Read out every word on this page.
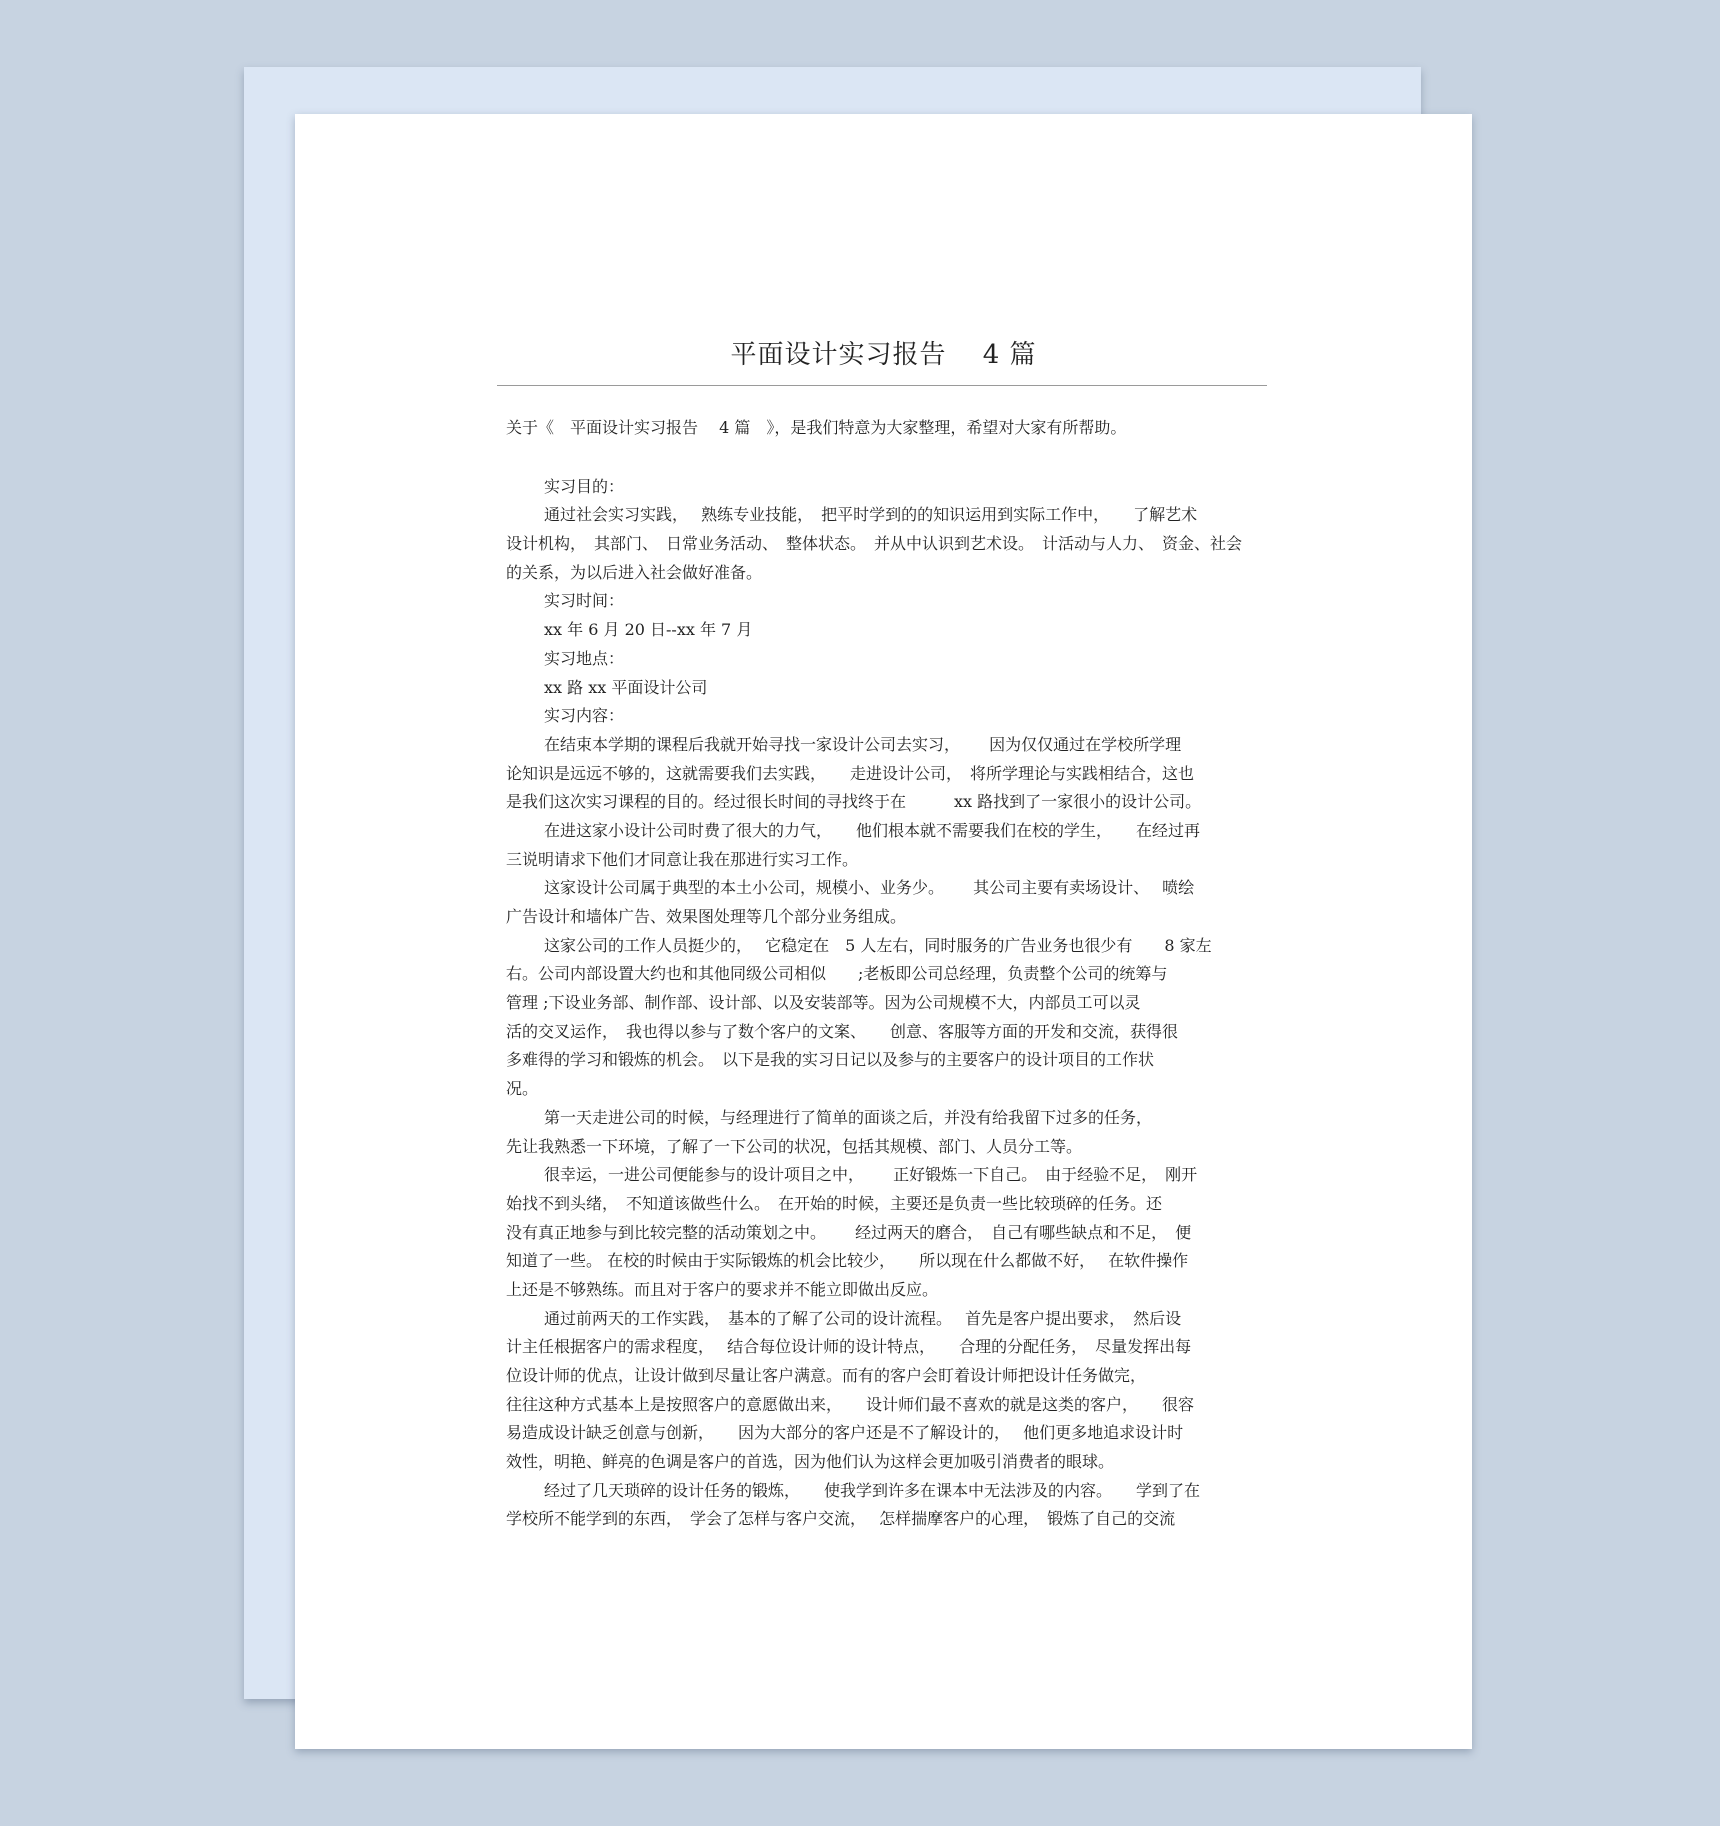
平面设计实习报告　 4 篇
关于《　平面设计实习报告　 4 篇　》，是我们特意为大家整理，希望对大家有所帮助。
实习目的：
通过社会实习实践，　 熟练专业技能，　把平时学到的的知识运用到实际工作中，　　了解艺术
设计机构，　其部门、　日常业务活动、　整体状态。　并从中认识到艺术设。　计活动与人力、　资金、社会
的关系，为以后进入社会做好准备。
实习时间：
xx 年 6 月 20 日--xx 年 7 月
实习地点：
xx 路 xx 平面设计公司
实习内容：
在结束本学期的课程后我就开始寻找一家设计公司去实习，　　 因为仅仅通过在学校所学理
论知识是远远不够的，这就需要我们去实践，　　走进设计公司，　将所学理论与实践相结合，这也
是我们这次实习课程的目的。经过很长时间的寻找终于在　　　xx 路找到了一家很小的设计公司。
在进这家小设计公司时费了很大的力气，　　他们根本就不需要我们在校的学生，　　在经过再
三说明请求下他们才同意让我在那进行实习工作。
这家设计公司属于典型的本土小公司，规模小、业务少。　　 其公司主要有卖场设计、　 喷绘
广告设计和墙体广告、效果图处理等几个部分业务组成。
这家公司的工作人员挺少的，　 它稳定在　5 人左右，同时服务的广告业务也很少有　　8 家左
右。公司内部设置大约也和其他同级公司相似　　;老板即公司总经理，负责整个公司的统筹与
管理 ;下设业务部、制作部、设计部、以及安装部等。因为公司规模不大，内部员工可以灵
活的交叉运作，　我也得以参与了数个客户的文案、　　创意、客服等方面的开发和交流，获得很
多难得的学习和锻炼的机会。　以下是我的实习日记以及参与的主要客户的设计项目的工作状
况。
第一天走进公司的时候，与经理进行了简单的面谈之后，并没有给我留下过多的任务，
先让我熟悉一下环境，了解了一下公司的状况，包括其规模、部门、人员分工等。
很幸运，一进公司便能参与的设计项目之中，　　 正好锻炼一下自己。　由于经验不足，　刚开
始找不到头绪，　不知道该做些什么。　在开始的时候，主要还是负责一些比较琐碎的任务。还
没有真正地参与到比较完整的活动策划之中。　　 经过两天的磨合，　自己有哪些缺点和不足，　便
知道了一些。 在校的时候由于实际锻炼的机会比较少，　　所以现在什么都做不好，　 在软件操作
上还是不够熟练。而且对于客户的要求并不能立即做出反应。
通过前两天的工作实践，　基本的了解了公司的设计流程。　 首先是客户提出要求，　然后设
计主任根据客户的需求程度，　 结合每位设计师的设计特点，　　合理的分配任务，　尽量发挥出每
位设计师的优点，让设计做到尽量让客户满意。而有的客户会盯着设计师把设计任务做完，
往往这种方式基本上是按照客户的意愿做出来，　　设计师们最不喜欢的就是这类的客户，　　很容
易造成设计缺乏创意与创新，　　因为大部分的客户还是不了解设计的，　 他们更多地追求设计时
效性，明艳、鲜亮的色调是客户的首选，因为他们认为这样会更加吸引消费者的眼球。
经过了几天琐碎的设计任务的锻炼，　　使我学到许多在课本中无法涉及的内容。　　学到了在
学校所不能学到的东西，　学会了怎样与客户交流，　 怎样揣摩客户的心理，　锻炼了自己的交流
